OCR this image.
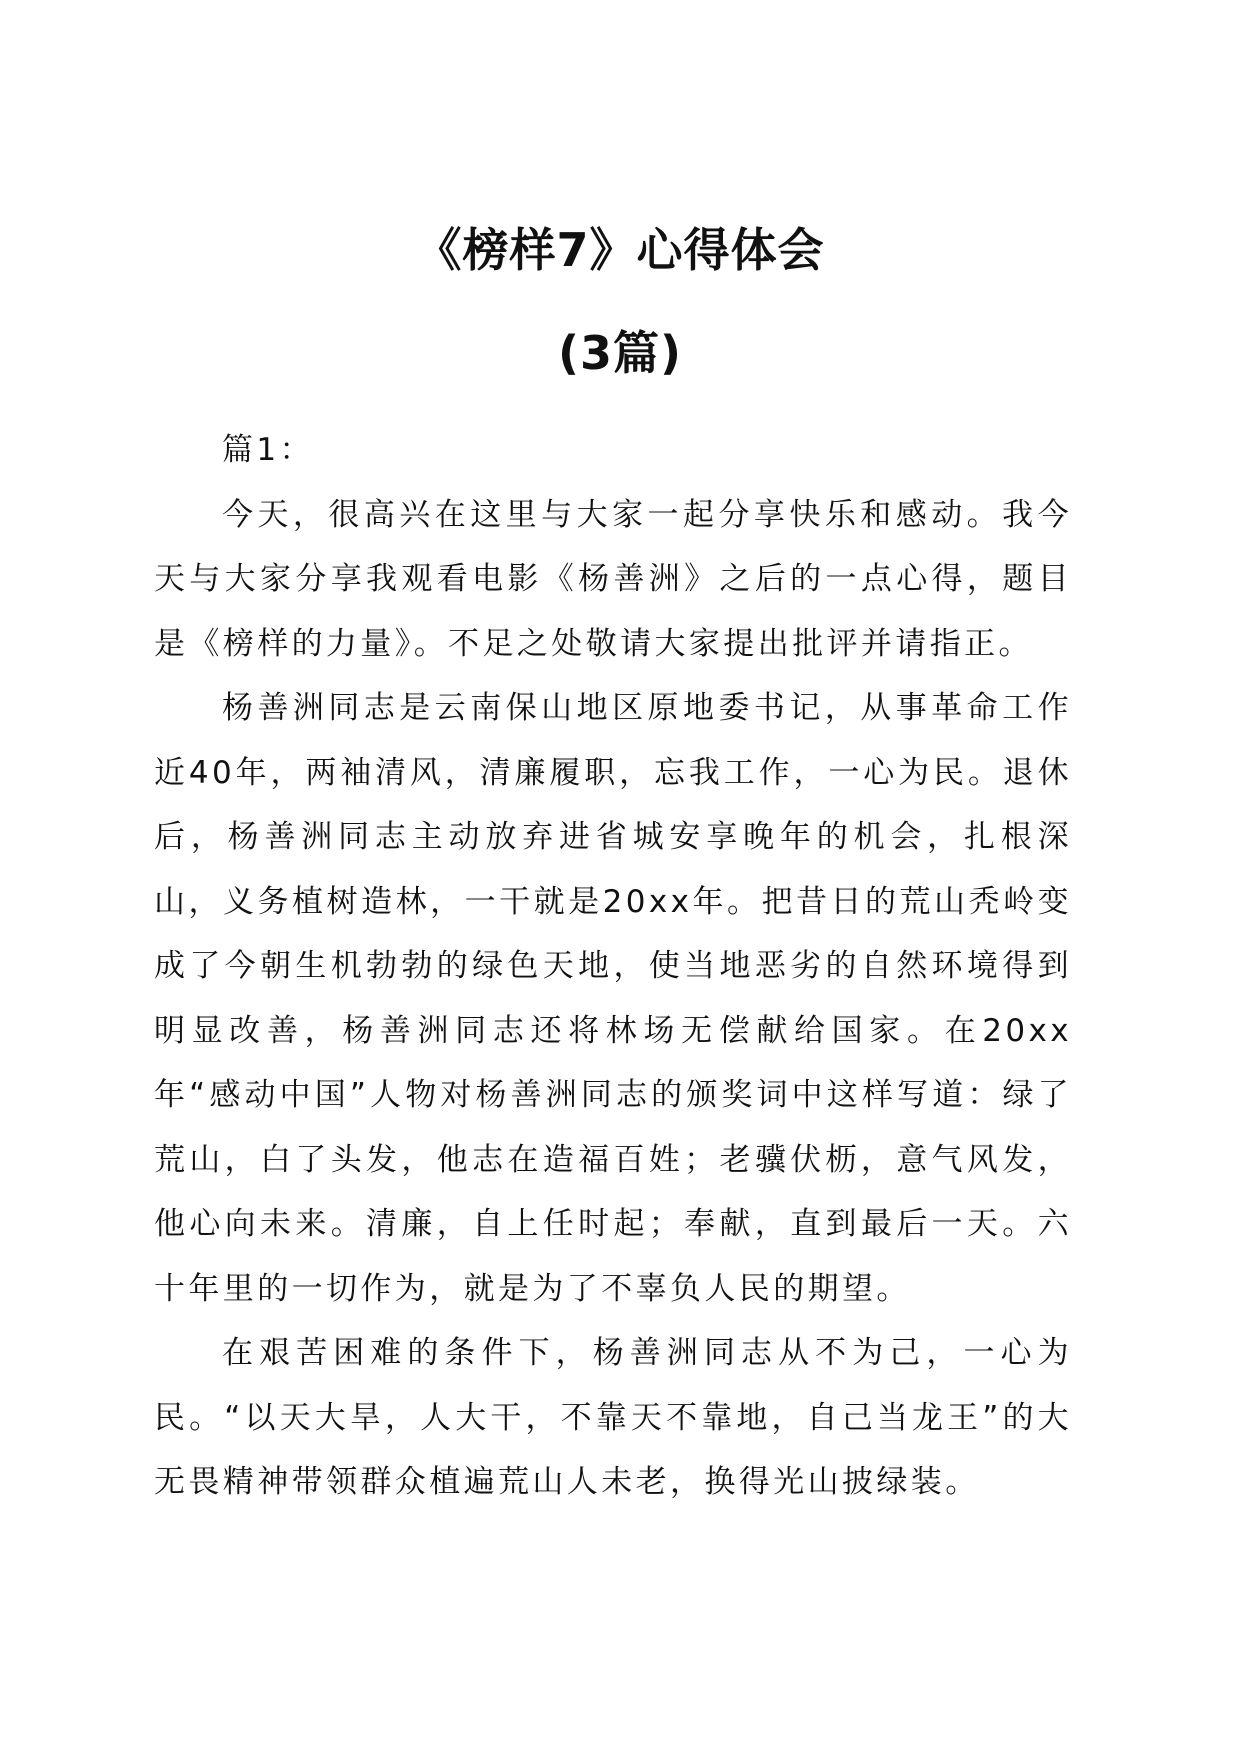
《榜样7》心得体会
(3篇)

篇1：

今天，很高兴在这里与大家一起分享快乐和感动。我今天与大家分享我观看电影《杨善洲》之后的一点心得，题目是《榜样的力量》。不足之处敬请大家提出批评并请指正。

杨善洲同志是云南保山地区原地委书记，从事革命工作近40年，两袖清风，清廉履职，忘我工作，一心为民。退休后，杨善洲同志主动放弃进省城安享晚年的机会，扎根深山，义务植树造林，一干就是20xx年。把昔日的荒山秃岭变成了今朝生机勃勃的绿色天地，使当地恶劣的自然环境得到明显改善，杨善洲同志还将林场无偿献给国家。在20xx年“感动中国”人物对杨善洲同志的颁奖词中这样写道：绿了荒山，白了头发，他志在造福百姓；老骥伏枥，意气风发，他心向未来。清廉，自上任时起；奉献，直到最后一天。六十年里的一切作为，就是为了不辜负人民的期望。

在艰苦困难的条件下，杨善洲同志从不为己，一心为民。“以天大旱，人大干，不靠天不靠地，自己当龙王”的大无畏精神带领群众植遍荒山人未老，换得光山披绿装。
